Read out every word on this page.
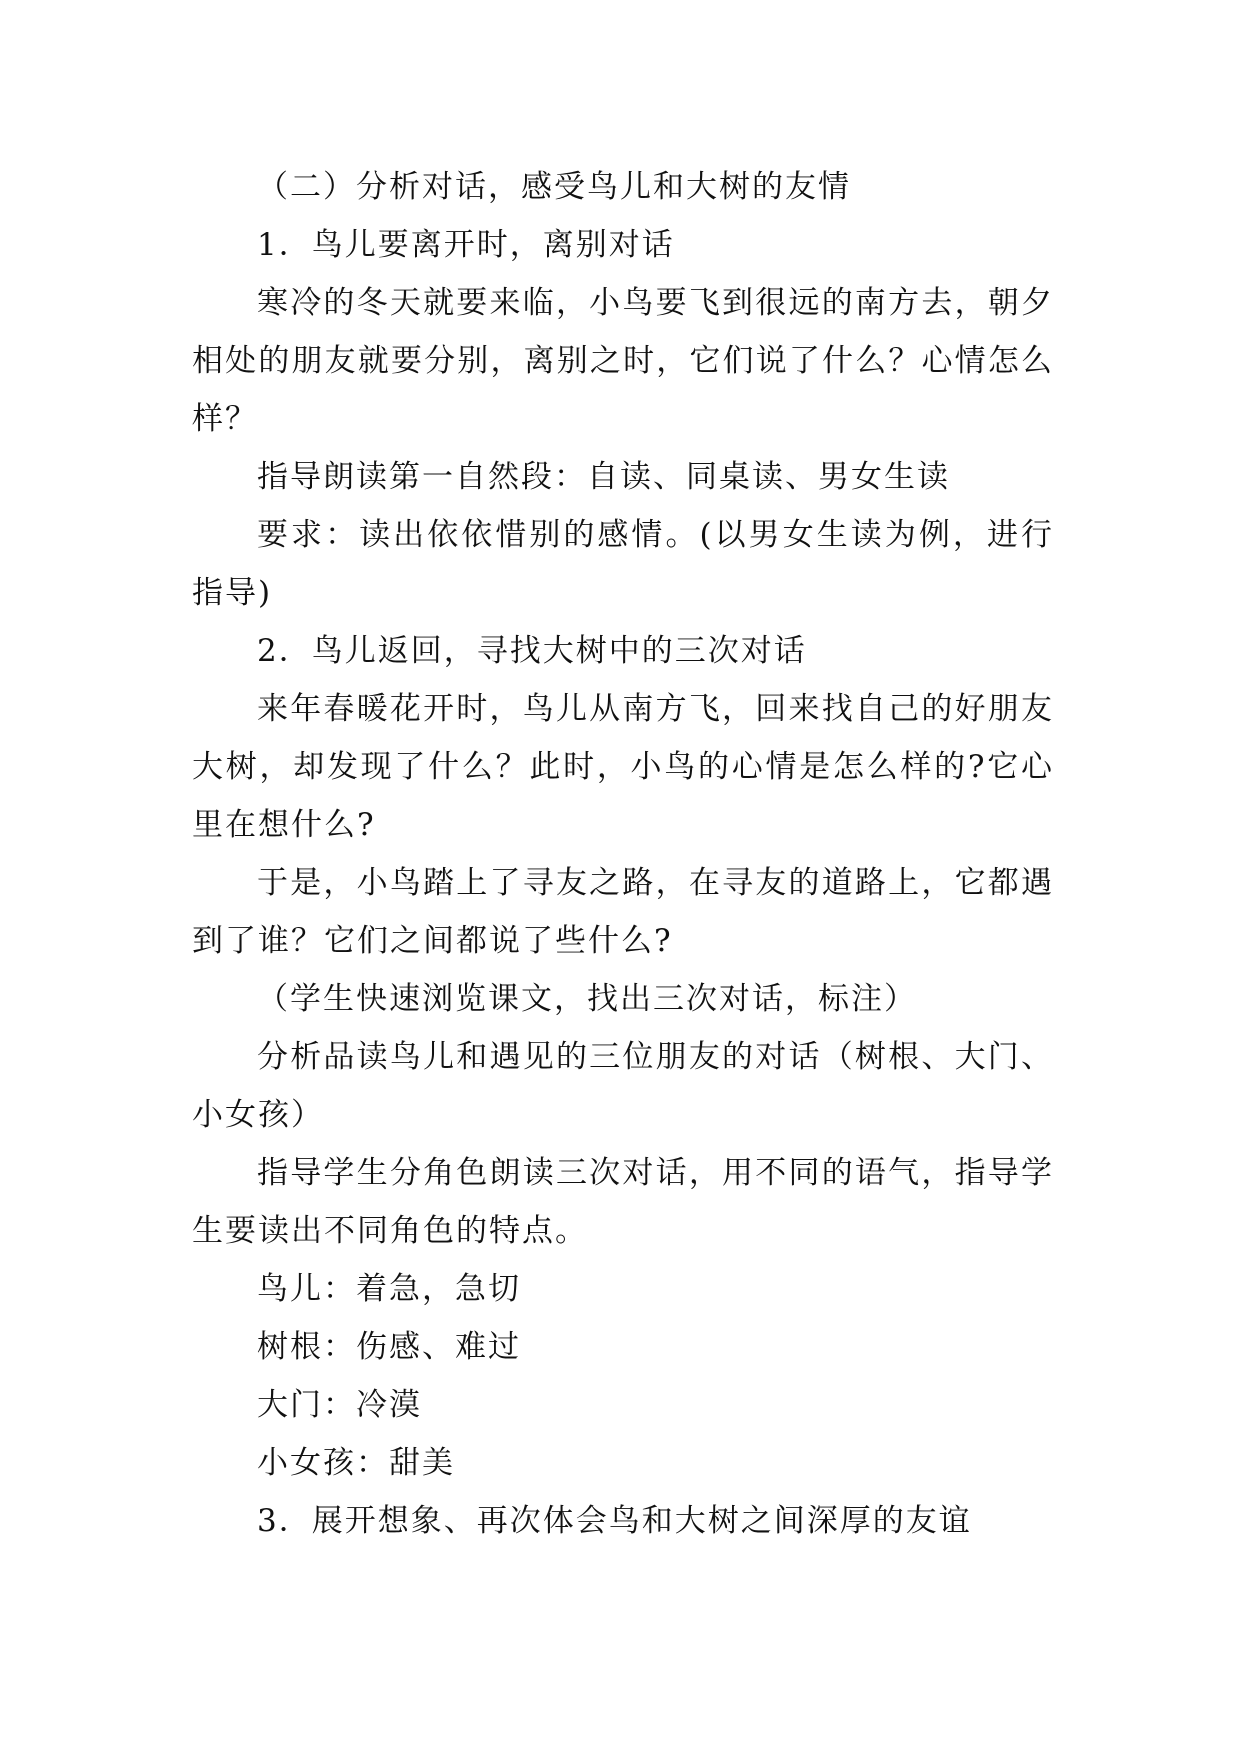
（二）分析对话，感受鸟儿和大树的友情
1．鸟儿要离开时，离别对话
寒冷的冬天就要来临，小鸟要飞到很远的南方去，朝夕
相处的朋友就要分别，离别之时，它们说了什么？心情怎么
样？
指导朗读第一自然段：自读、同桌读、男女生读
要求：读出依依惜别的感情。(以男女生读为例，进行
指导)
2．鸟儿返回，寻找大树中的三次对话
来年春暖花开时，鸟儿从南方飞，回来找自己的好朋友
大树，却发现了什么？此时，小鸟的心情是怎么样的?它心
里在想什么?
于是，小鸟踏上了寻友之路，在寻友的道路上，它都遇
到了谁？它们之间都说了些什么?
（学生快速浏览课文，找出三次对话，标注）
分析品读鸟儿和遇见的三位朋友的对话（树根、大门、
小女孩）
指导学生分角色朗读三次对话，用不同的语气，指导学
生要读出不同角色的特点。
鸟儿：着急，急切
树根：伤感、难过
大门：冷漠
小女孩：甜美
3．展开想象、再次体会鸟和大树之间深厚的友谊
